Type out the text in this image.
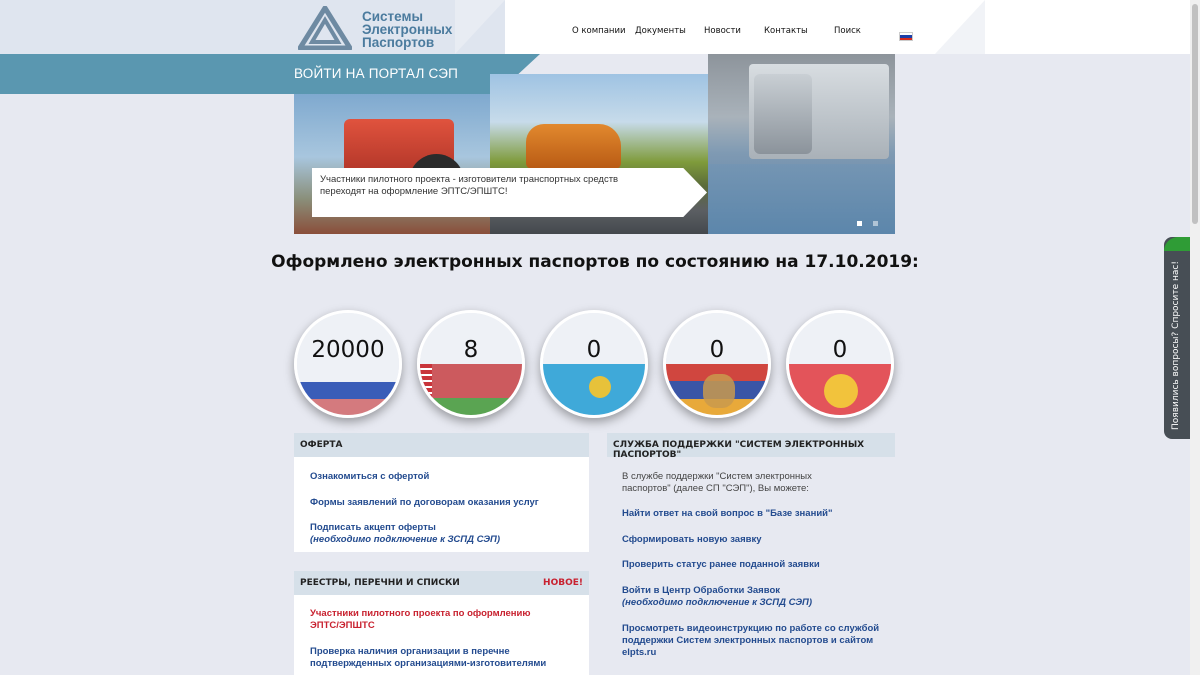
Системы
Электронных
Паспортов
О компании Документы Новости	Контакты	Поиск
ВОЙТИ НА ПОРТАЛ СЭП
Участники пилотного проекта - изготовители транспортных средств переходят на оформление ЭПТС/ЭПШТС!

Оформлено электронных паспортов по состоянию на 17.10.2019:
20000	8	0	0	0
ОФЕРТА
Ознакомиться с офертой
Формы заявлений по договорам оказания услуг
Подписать акцепт оферты
(необходимо подключение к ЗСПД СЭП)
РЕЕСТРЫ, ПЕРЕЧНИ И СПИСКИ	НОВОЕ!
Участники пилотного проекта по оформлению
ЭПТС/ЭПШТС
Проверка наличия организации в перечне
подтвержденных организациями-изготовителями
СЛУЖБА ПОДДЕРЖКИ "СИСТЕМ ЭЛЕКТРОННЫХ ПАСПОРТОВ"
В службе поддержки "Систем электронных
паспортов" (далее СП "СЭП"), Вы можете:
Найти ответ на свой вопрос в "Базе знаний"
Сформировать новую заявку
Проверить статус ранее поданной заявки
Войти в Центр Обработки Заявок
(необходимо подключение к ЗСПД СЭП)
Просмотреть видеоинструкцию по работе со службой
поддержки Систем электронных паспортов и сайтом
elpts.ru
Появились вопросы? Спросите нас!
